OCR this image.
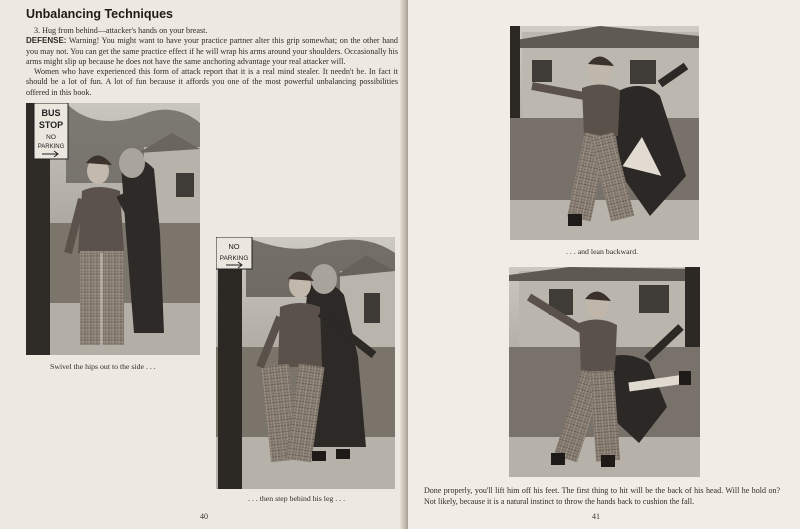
Unbalancing Techniques

3. Hug from behind—attacker's hands on your breast.

DEFENSE: Warning! You might want to have your practice partner alter this grip somewhat; on the other hand you may not. You can get the same practice effect if he will wrap his arms around your shoulders. Occasionally his arms might slip up because he does not have the same anchoring advantage your real attacker will.

Women who have experienced this form of attack report that it is a real mind stealer. It needn't be. In fact it should be a lot of fun. A lot of fun because it affords you one of the most powerful unbalancing possibilities offered in this book.

BUS
STOP
NO
PARKING
Swivel the hips out to the side . . .
NO
PARKING
. . . then step behind his leg . . .
40
. . . and lean backward.
41

Done properly, you'll lift him off his feet. The first thing to hit will be the back of his head. Will he hold on? Not likely, because it is a natural instinct to throw the hands back to cushion the fall.
